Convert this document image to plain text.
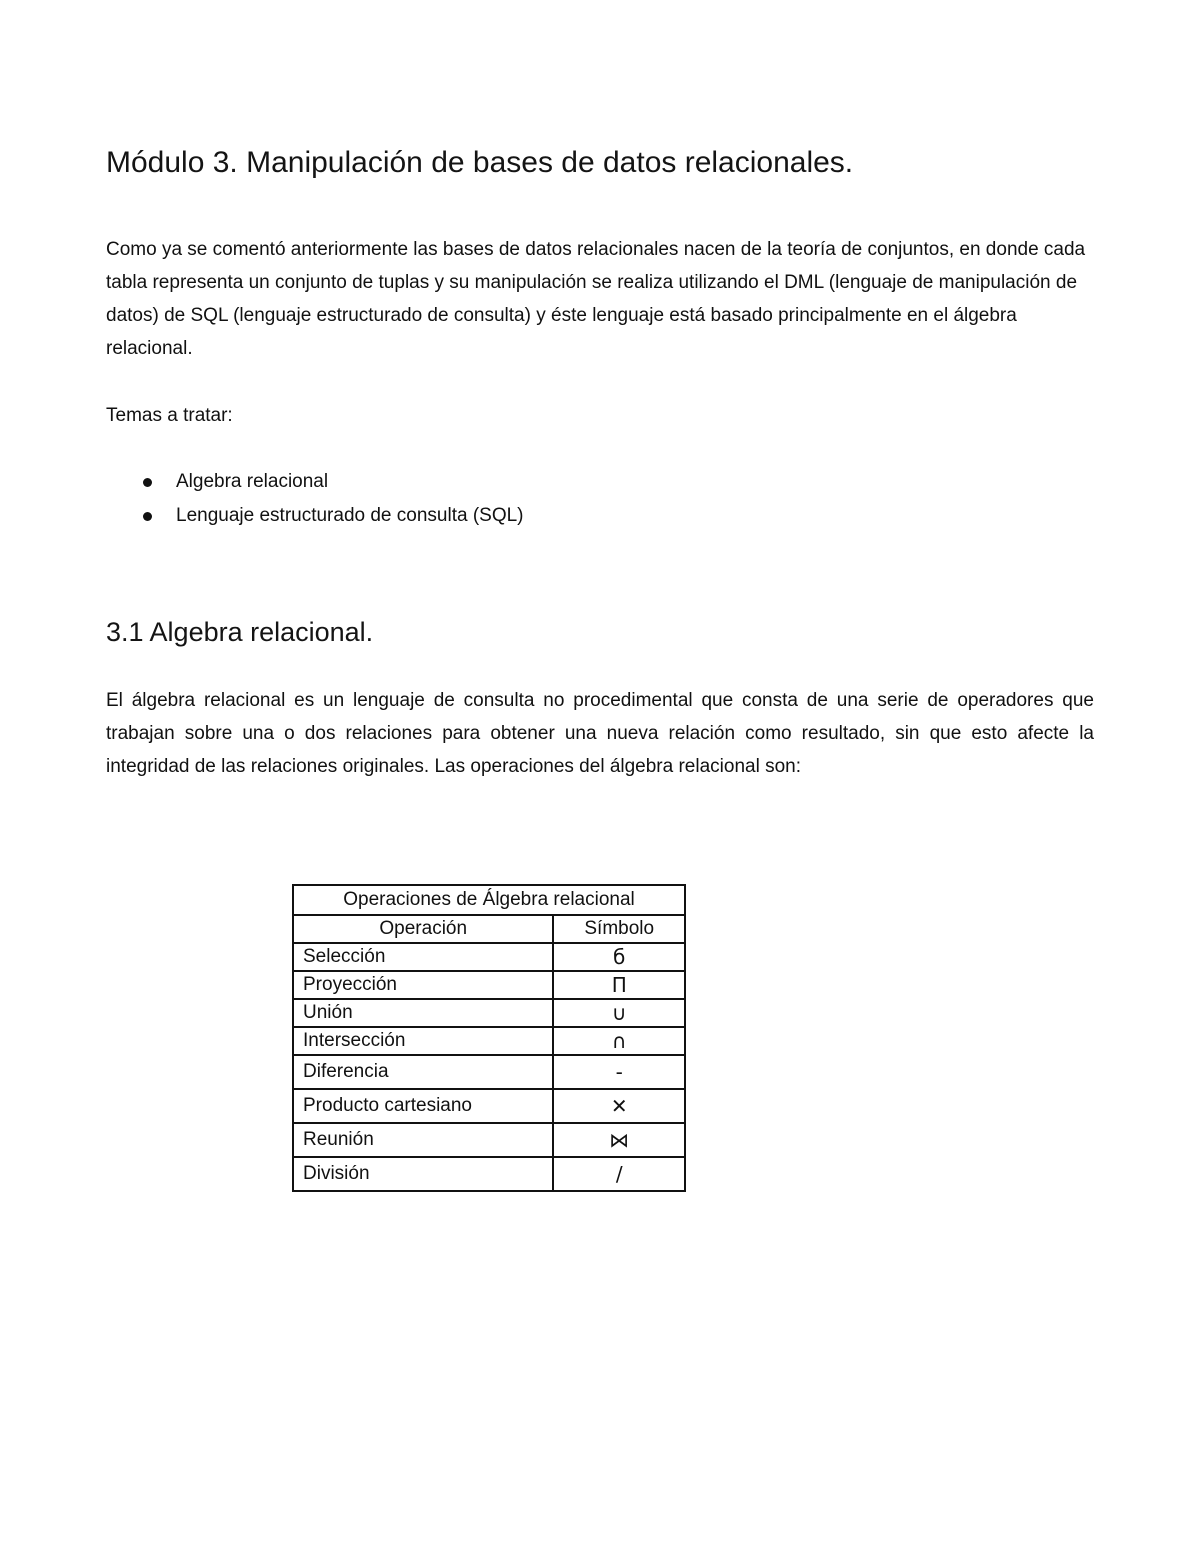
Módulo 3. Manipulación de bases de datos relacionales.

Como ya se comentó anteriormente las bases de datos relacionales nacen de la teoría de conjuntos, en donde cada tabla representa un conjunto de tuplas y su manipulación se realiza utilizando el DML (lenguaje de manipulación de datos) de SQL (lenguaje estructurado de consulta) y éste lenguaje está basado principalmente en el álgebra relacional.

Temas a tratar:

Algebra relacional
Lenguaje estructurado de consulta (SQL)
3.1 Algebra relacional.

El álgebra relacional es un lenguaje de consulta no procedimental que consta de una serie de operadores que trabajan sobre una o dos relaciones para obtener una nueva relación como resultado, sin que esto afecte la integridad de las relaciones originales. Las operaciones del álgebra relacional son:

Operaciones de Álgebra relacional	
Operación	Símbolo
Selección	б
Proyección	Π
Unión	∪
Intersección	∩
Diferencia	-
Producto cartesiano	✕
Reunión	⋈
División	/
